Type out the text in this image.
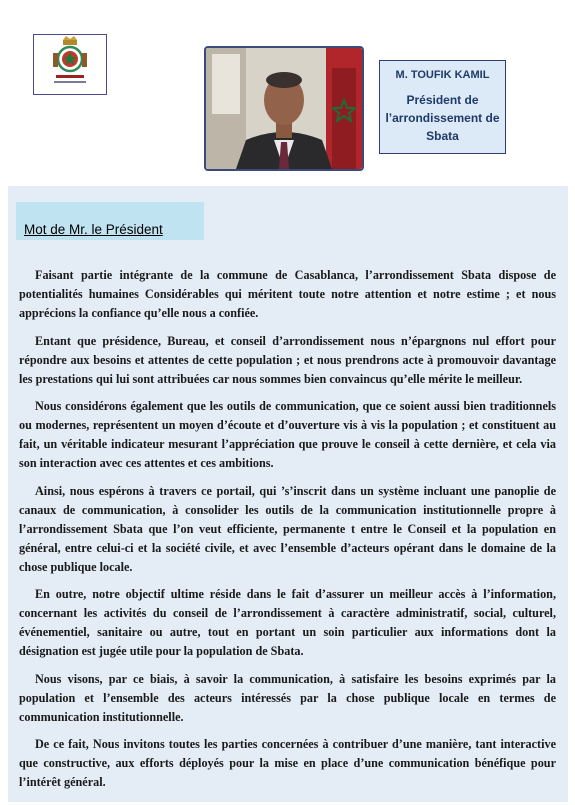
M. TOUFIK KAMIL
Président de l’arrondissement de Sbata
Mot de Mr. le Président

Faisant partie intégrante de la commune de Casablanca, l’arrondissement Sbata dispose de potentialités humaines Considérables qui méritent toute notre attention et notre estime ; et nous apprécions la confiance qu’elle nous a confiée.

Entant que présidence, Bureau, et conseil d’arrondissement nous n’épargnons nul effort pour répondre aux besoins et attentes de cette population ; et nous prendrons acte à promouvoir davantage les prestations qui lui sont attribuées car nous sommes bien convaincus qu’elle mérite le meilleur.

Nous considérons également que les outils de communication, que ce soient aussi bien traditionnels ou modernes, représentent un moyen d’écoute et d’ouverture vis à vis la population ; et constituent au fait, un véritable indicateur mesurant l’appréciation que prouve le conseil à cette dernière, et cela via son interaction avec ces attentes et ces ambitions.

Ainsi, nous espérons à travers ce portail, qui ’s’inscrit dans un système incluant une panoplie de canaux de communication, à consolider les outils de la communication institutionnelle propre à l’arrondissement Sbata que l’on veut efficiente, permanente t entre le Conseil et la population en général, entre celui-ci et la société civile, et avec l’ensemble d’acteurs opérant dans le domaine de la chose publique locale.

En outre, notre objectif ultime réside dans le fait d’assurer un meilleur accès à l’information, concernant les activités du conseil de l’arrondissement à caractère administratif, social, culturel, événementiel, sanitaire ou autre, tout en portant un soin particulier aux informations dont la désignation est jugée utile pour la population de Sbata.

Nous visons, par ce biais, à savoir la communication, à satisfaire les besoins exprimés par la population et l’ensemble des acteurs intéressés par la chose publique locale en termes de communication institutionnelle.

De ce fait, Nous invitons toutes les parties concernées à contribuer d’une manière, tant interactive que constructive, aux efforts déployés pour la mise en place d’une communication bénéfique pour l’intérêt général.
